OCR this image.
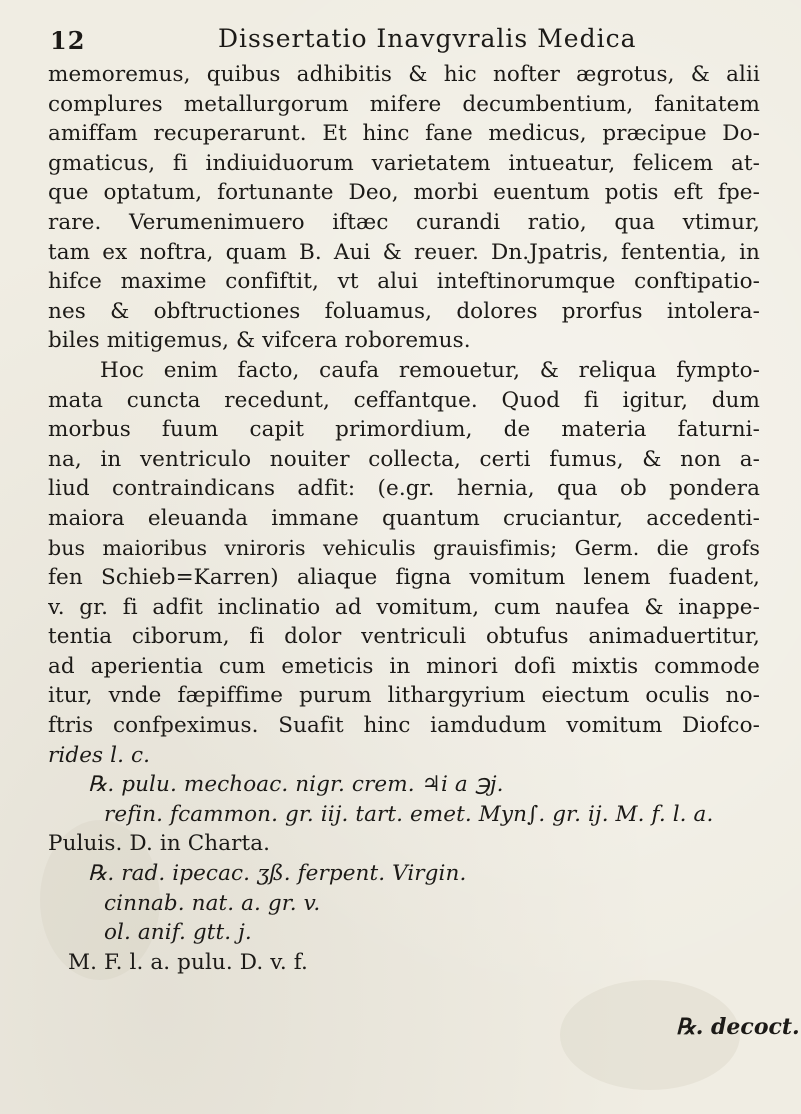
12	Dissertatio Inavgvralis Medica
memoremus, quibus adhibitis & hic nofter ægrotus, & alii
complures metallurgorum mifere decumbentium, fanitatem
amiffam recuperarunt. Et hinc fane medicus, præcipue Do-
gmaticus, fi indiuiduorum varietatem intueatur, felicem at-
que optatum, fortunante Deo, morbi euentum potis eft fpe-
rare. Verumenimuero iftæc curandi ratio, qua vtimur,
tam ex noftra, quam B. Aui & reuer. Dn.Jpatris, fententia, in
hifce maxime confiftit, vt alui inteftinorumque conftipatio-
nes & obftructiones foluamus, dolores prorfus intolera-
biles mitigemus, & vifcera roboremus.
Hoc enim facto, caufa remouetur, & reliqua fympto-
mata cuncta recedunt, ceffantque. Quod fi igitur, dum
morbus fuum capit primordium, de materia faturni-
na, in ventriculo nouiter collecta, certi fumus, & non a-
liud contraindicans adfit: (e.gr. hernia, qua ob pondera
maiora eleuanda immane quantum cruciantur, accedenti-
bus maioribus vniroris vehiculis grauisfimis; Germ. die grofs
fen Schieb=Karren) aliaque figna vomitum lenem fuadent,
v. gr. fi adfit inclinatio ad vomitum, cum naufea & inappe-
tentia ciborum, fi dolor ventriculi obtufus animaduertitur,
ad aperientia cum emeticis in minori dofi mixtis commode
itur, vnde fæpiffime purum lithargyrium eiectum oculis no-
ftris confpeximus. Suafit hinc iamdudum vomitum Diofco-
rides l. c.
℞. pulu. mechoac. nigr. crem. ♃i a ℈j.
refin. fcammon. gr. iij. tart. emet. Myn∫. gr. ij. M. f. l. a.
Puluis. D. in Charta.
℞. rad. ipecac. ʒß. ferpent. Virgin.
cinnab. nat. a. gr. v.
ol. anif. gtt. j.
M. F. l. a. pulu. D. v. f.
℞. decoct.
